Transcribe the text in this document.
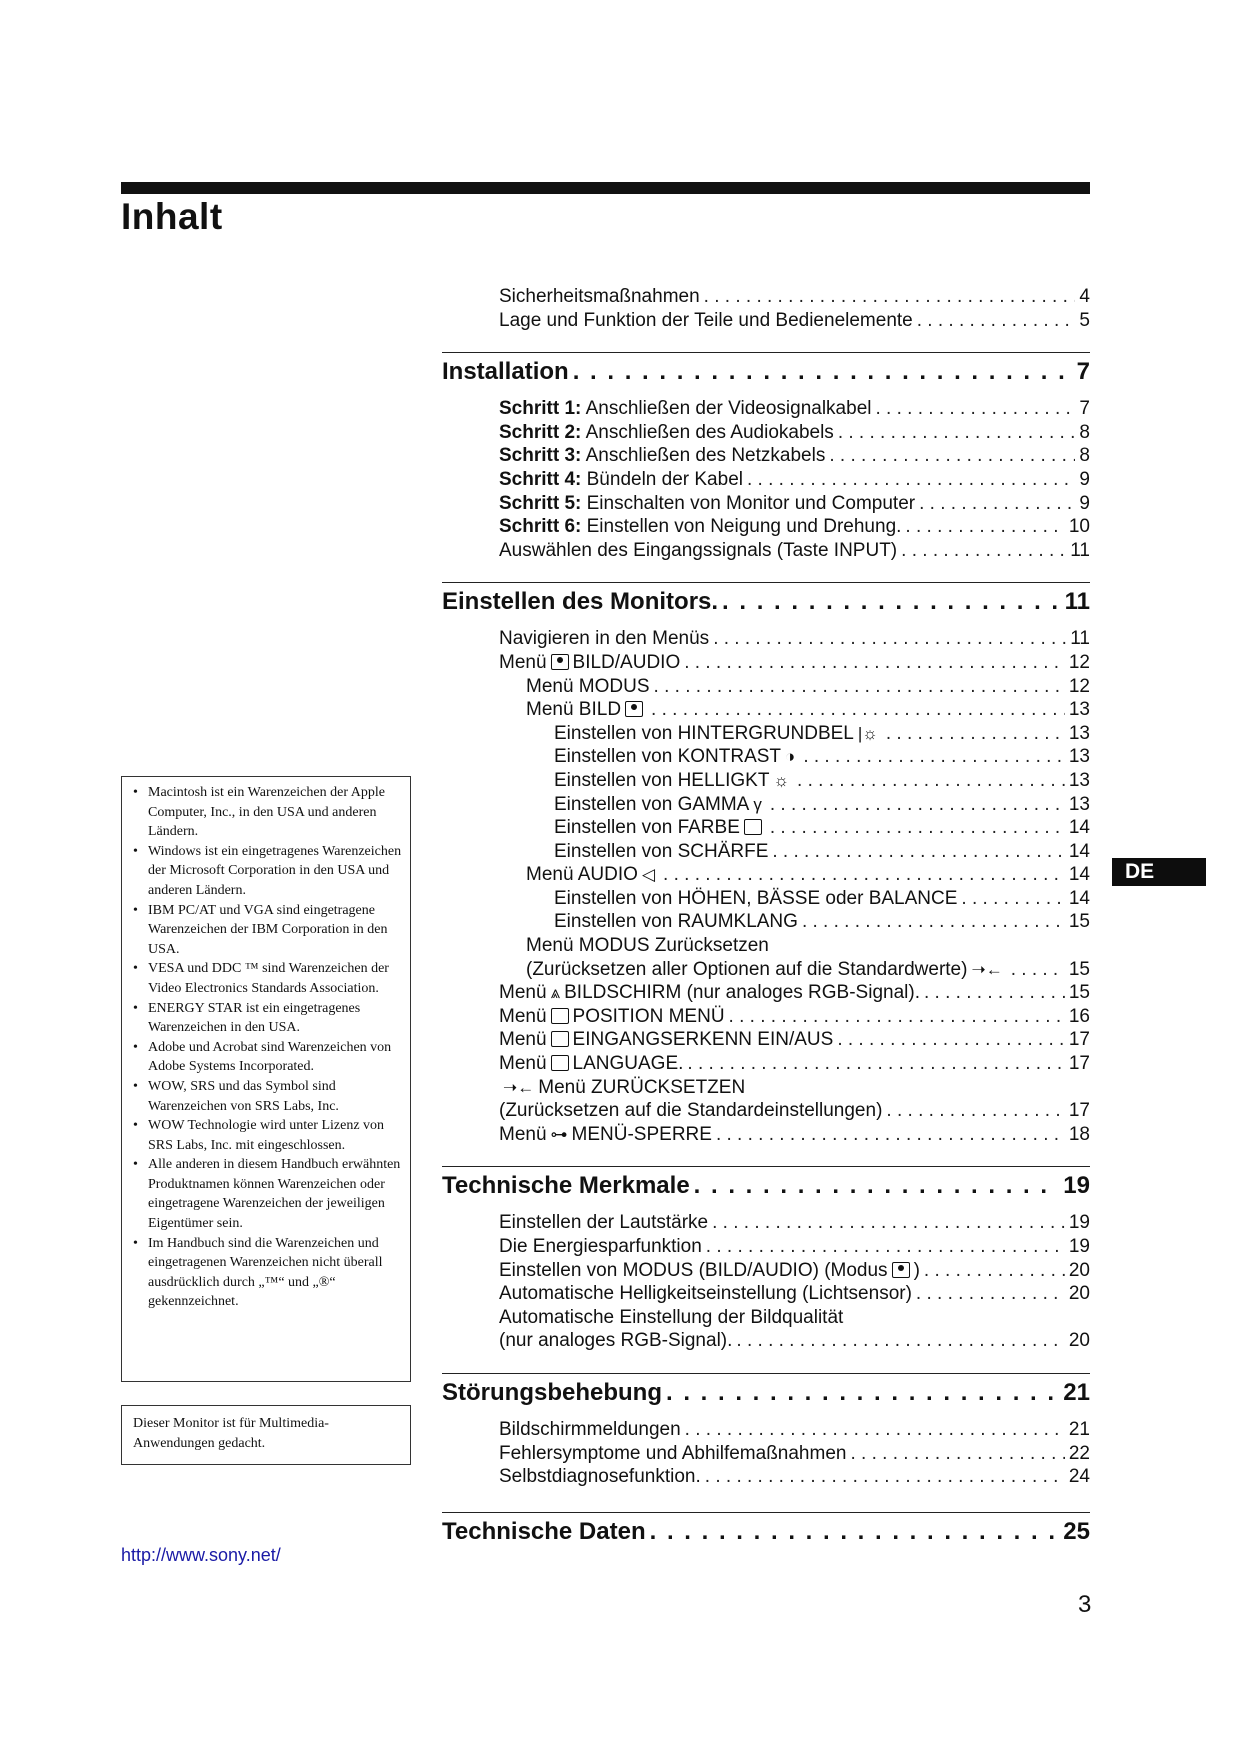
Inhalt
Sicherheitsmaßnahmen . . .	4
Lage und Funktion der Teile und Bedienelemente . . .	5
Installation . . .	7
Schritt 1: Anschließen der Videosignalkabel . . .	7
Schritt 2: Anschließen des Audiokabels . . .	8
Schritt 3: Anschließen des Netzkabels . . .	8
Schritt 4: Bündeln der Kabel . . .	9
Schritt 5: Einschalten von Monitor und Computer . . .	9
Schritt 6: Einstellen von Neigung und Drehung. . . .	10
Auswählen des Eingangssignals (Taste INPUT) . . .	11
Einstellen des Monitors. . . .	11
Navigieren in den Menüs . . .	11
Menü BILD/AUDIO . . .	12
Menü MODUS . . .	12
Menü BILD . . .	13
Einstellen von HINTERGRUNDBEL |☼ . . .	13
Einstellen von KONTRAST ◑ . . .	13
Einstellen von HELLIGKT ☼ . . .	13
Einstellen von GAMMA γ . . .	13
Einstellen von FARBE . . .	14
Einstellen von SCHÄRFE . . .	14
Menü AUDIO ◁ . . .	14
Einstellen von HÖHEN, BÄSSE oder BALANCE . . .	14
Einstellen von RAUMKLANG . . .	15
Menü MODUS Zurücksetzen
(Zurücksetzen aller Optionen auf die Standardwerte) ➝← . . .	15
Menü ⩓ BILDSCHIRM (nur analoges RGB-Signal). . . .	15
Menü POSITION MENÜ . . .	16
Menü EINGANGSERKENN EIN/AUS . . .	17
Menü LANGUAGE. . . .	17
➝← Menü ZURÜCKSETZEN
(Zurücksetzen auf die Standardeinstellungen) . . .	17
Menü ⊶ MENÜ-SPERRE . . .	18
Technische Merkmale . . .	19
Einstellen der Lautstärke . . .	19
Die Energiesparfunktion . . .	19
Einstellen von MODUS (BILD/AUDIO) (Modus ) . . .	20
Automatische Helligkeitseinstellung (Lichtsensor) . . .	20
Automatische Einstellung der Bildqualität
(nur analoges RGB-Signal). . . .	20
Störungsbehebung . . .	21
Bildschirmmeldungen . . .	21
Fehlersymptome und Abhilfemaßnahmen . . .	22
Selbstdiagnosefunktion. . . .	24
Technische Daten . . .	25
• Macintosh ist ein Warenzeichen der Apple Computer, Inc., in den USA und anderen Ländern.
• Windows ist ein eingetragenes Warenzeichen der Microsoft Corporation in den USA und anderen Ländern.
• IBM PC/AT und VGA sind eingetragene Warenzeichen der IBM Corporation in den USA.
• VESA und DDC ™ sind Warenzeichen der Video Electronics Standards Association.
• ENERGY STAR ist ein eingetragenes Warenzeichen in den USA.
• Adobe und Acrobat sind Warenzeichen von Adobe Systems Incorporated.
• WOW, SRS und das Symbol sind Warenzeichen von SRS Labs, Inc.
• WOW Technologie wird unter Lizenz von SRS Labs, Inc. mit eingeschlossen.
• Alle anderen in diesem Handbuch erwähnten Produktnamen können Warenzeichen oder eingetragene Warenzeichen der jeweiligen Eigentümer sein.
• Im Handbuch sind die Warenzeichen und eingetragenen Warenzeichen nicht überall ausdrücklich durch „™“ und „®“ gekennzeichnet.
Dieser Monitor ist für Multimedia-Anwendungen gedacht.
http://www.sony.net/
DE
3
